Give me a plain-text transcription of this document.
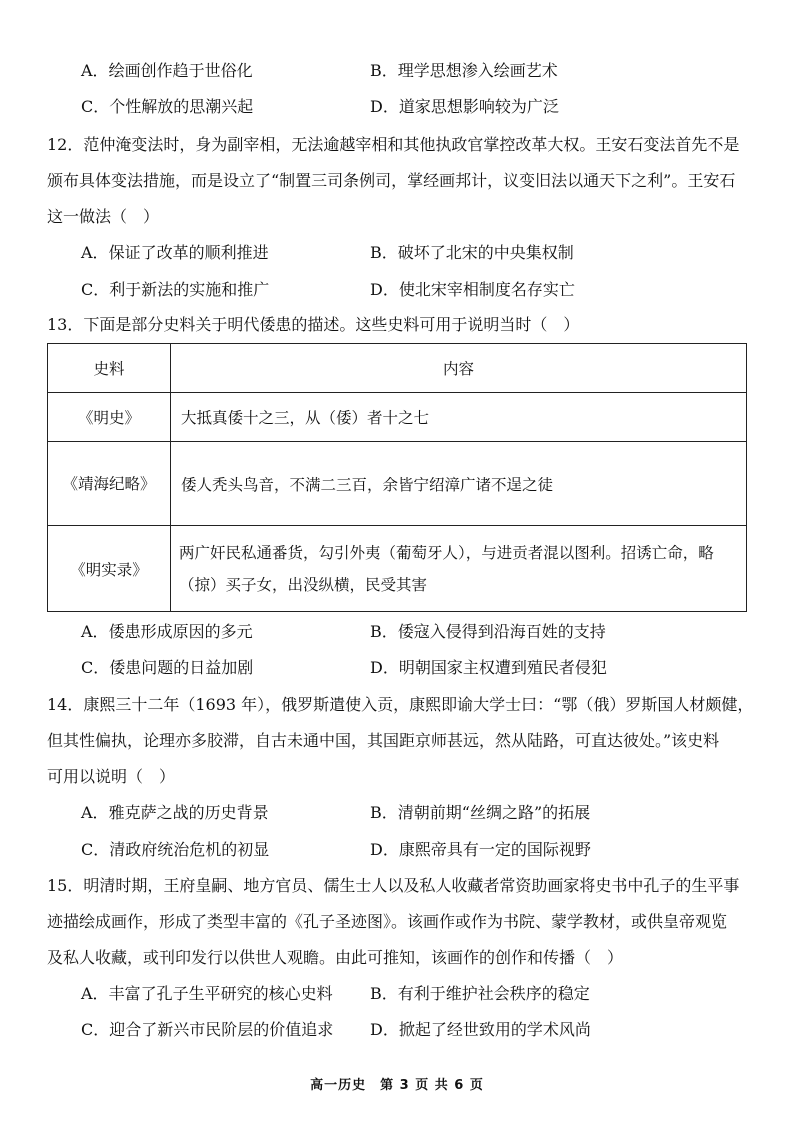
A．绘画创作趋于世俗化	B．理学思想渗入绘画艺术
C．个性解放的思潮兴起	D．道家思想影响较为广泛
12．范仲淹变法时，身为副宰相，无法逾越宰相和其他执政官掌控改革大权。王安石变法首先不是
颁布具体变法措施，而是设立了“制置三司条例司，掌经画邦计，议变旧法以通天下之利”。王安石
这一做法（　）
A．保证了改革的顺利推进	B．破坏了北宋的中央集权制
C．利于新法的实施和推广	D．使北宋宰相制度名存实亡
13．下面是部分史料关于明代倭患的描述。这些史料可用于说明当时（　）
史料	内容
《明史》	大抵真倭十之三，从（倭）者十之七
《靖海纪略》	倭人秃头鸟音，不满二三百，余皆宁绍漳广诸不逞之徒
《明实录》	两广奸民私通番货，勾引外夷（葡萄牙人），与进贡者混以图利。招诱亡命，略（掠）买子女，出没纵横，民受其害
A．倭患形成原因的多元	B．倭寇入侵得到沿海百姓的支持
C．倭患问题的日益加剧	D．明朝国家主权遭到殖民者侵犯
14．康熙三十二年（1693 年），俄罗斯遣使入贡，康熙即谕大学士曰：“鄂（俄）罗斯国人材颇健，
但其性偏执，论理亦多胶滞，自古未通中国，其国距京师甚远，然从陆路，可直达彼处。”该史料
可用以说明（　）
A．雅克萨之战的历史背景	B．清朝前期“丝绸之路”的拓展
C．清政府统治危机的初显	D．康熙帝具有一定的国际视野
15．明清时期，王府皇嗣、地方官员、儒生士人以及私人收藏者常资助画家将史书中孔子的生平事
迹描绘成画作，形成了类型丰富的《孔子圣迹图》。该画作或作为书院、蒙学教材，或供皇帝观览
及私人收藏，或刊印发行以供世人观瞻。由此可推知，该画作的创作和传播（　）
A．丰富了孔子生平研究的核心史料 B．有利于维护社会秩序的稳定
C．迎合了新兴市民阶层的价值追求 D．掀起了经世致用的学术风尚
高一历史　第 3 页 共 6 页
